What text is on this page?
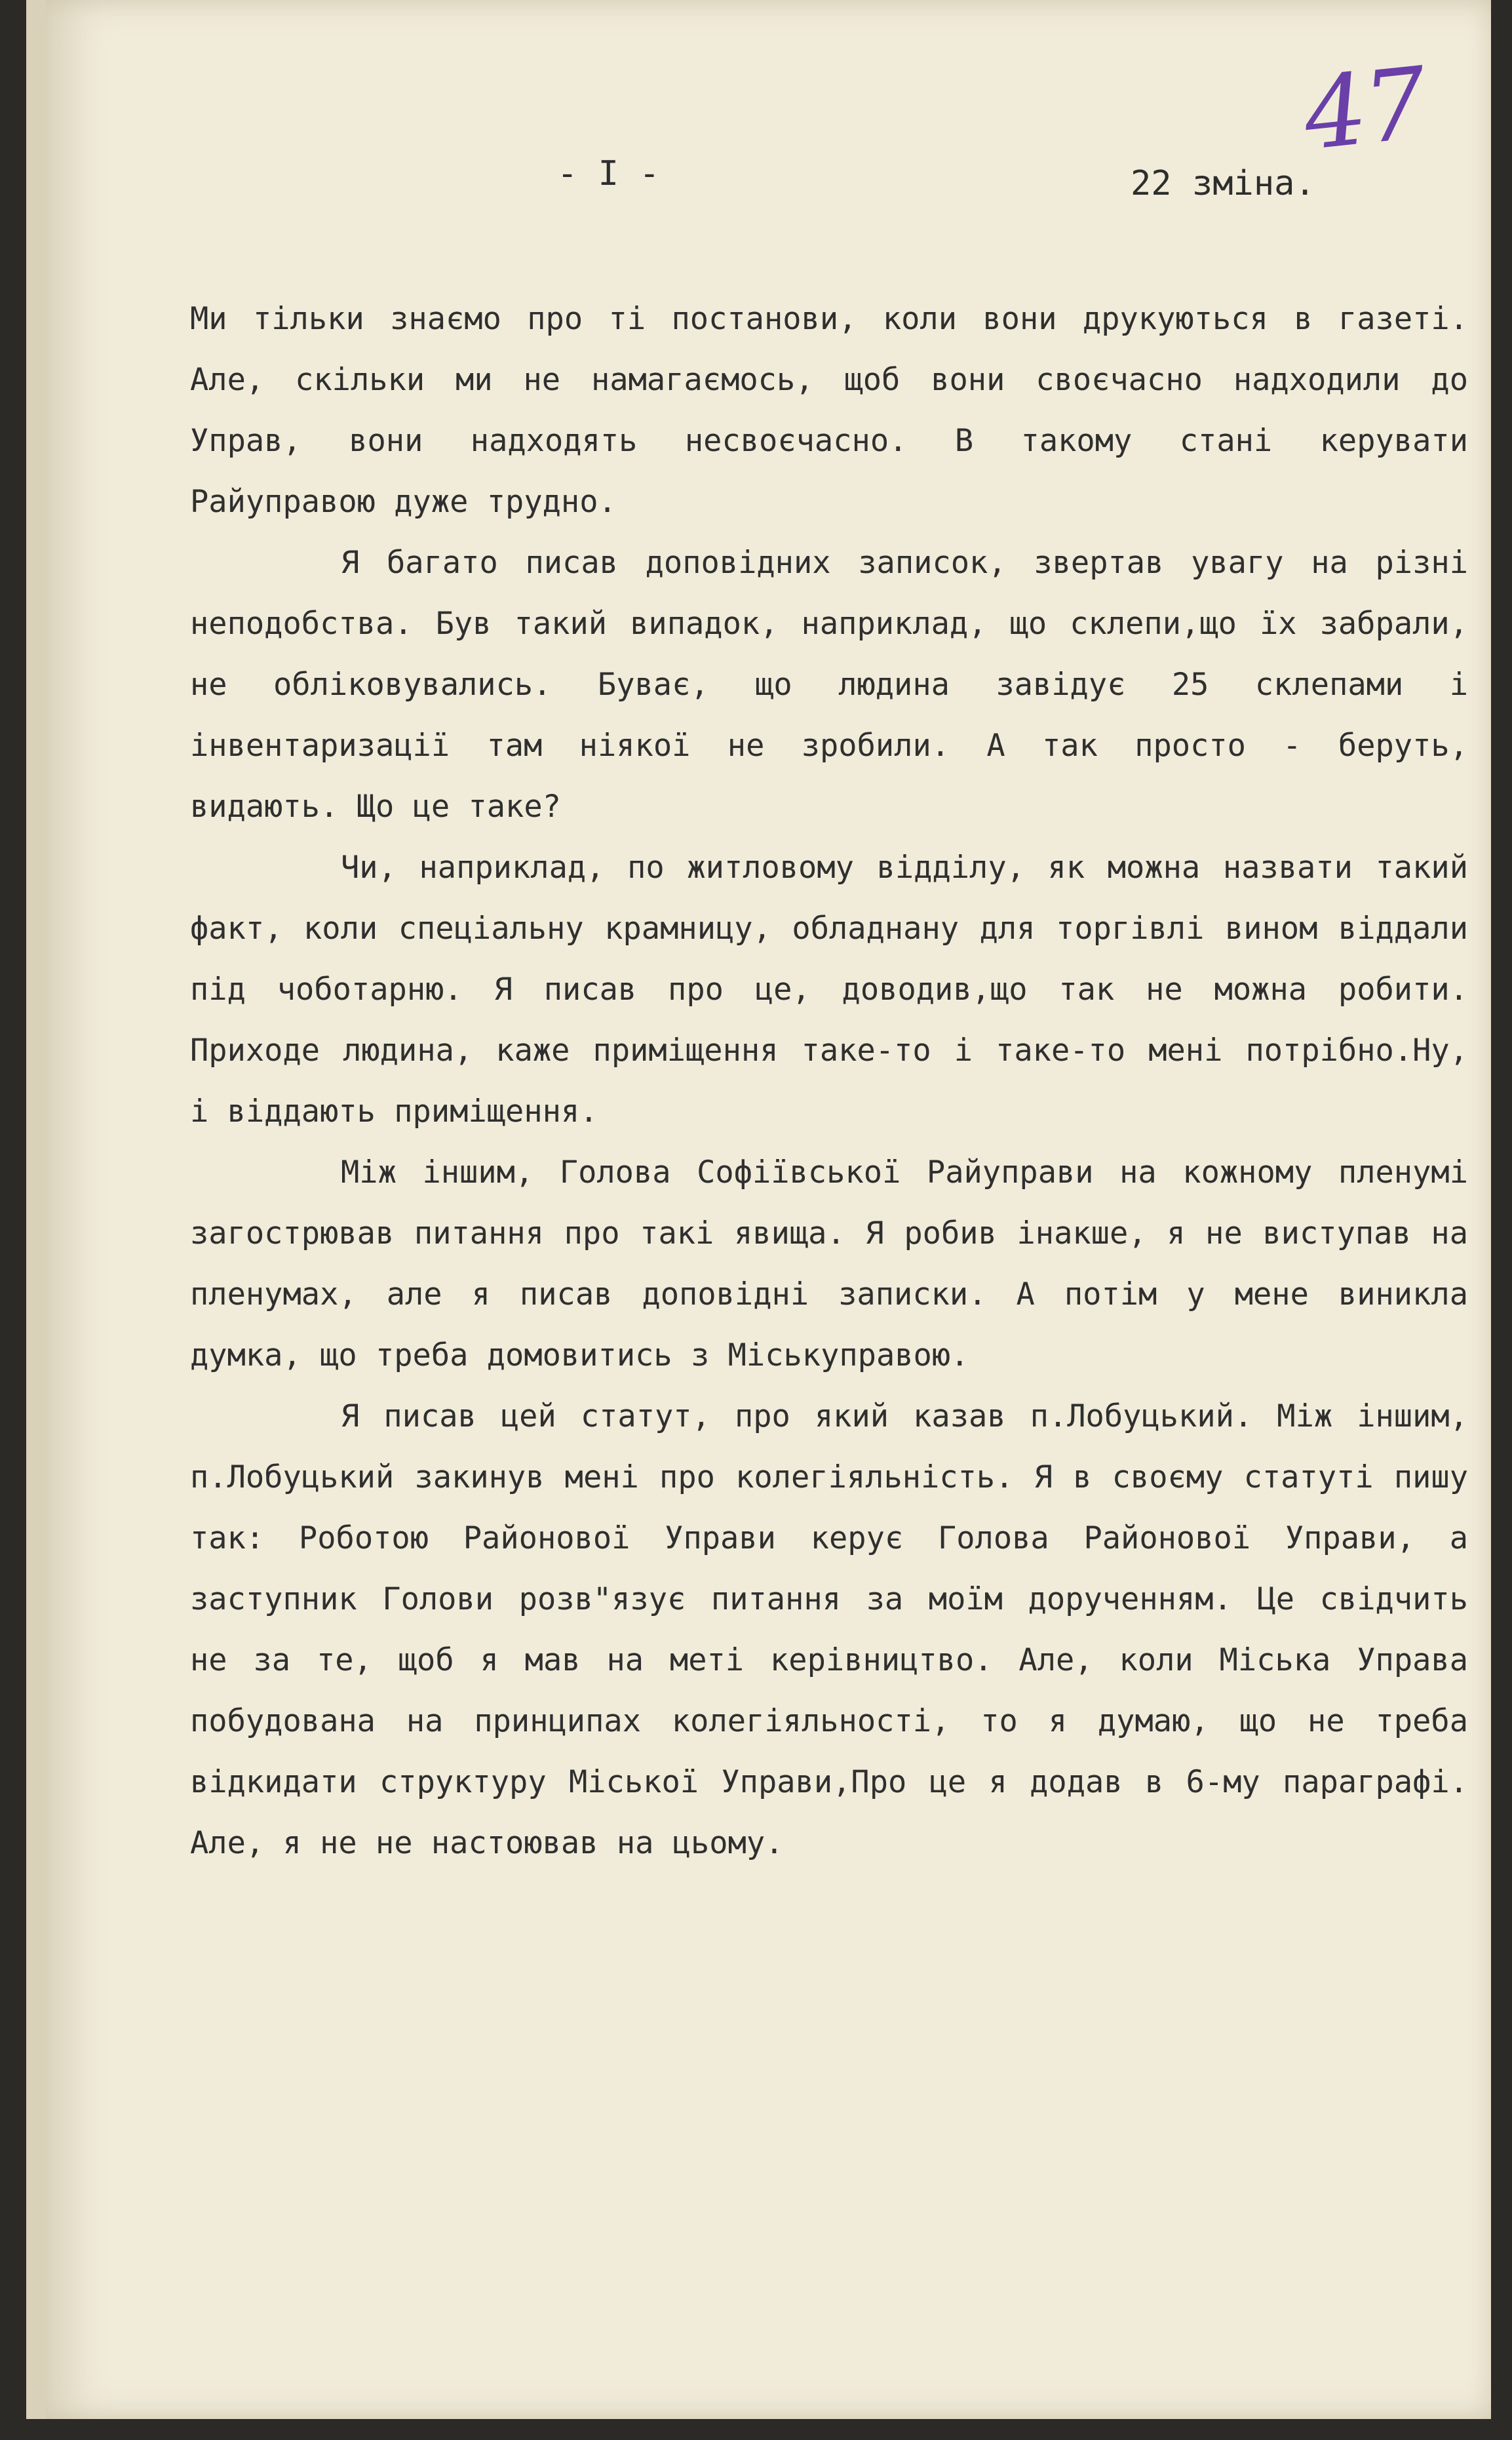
47
- I -	22 зміна.

Ми тільки знаємо про ті постанови, коли вони друкуються в газеті. Але, скільки ми не намагаємось, щоб вони своєчасно надходили до Управ, вони надходять несвоєчасно. В такому стані керувати Райуправою дуже трудно.

Я багато писав доповідних записок, звертав увагу на різні неподобства. Був такий випадок, наприклад, що склепи,що їх забрали, не обліковувались. Буває, що людина завідує 25 склепами і інвентаризації там ніякої не зробили. А так просто - беруть, видають. Що це таке?

Чи, наприклад, по житловому відділу, як можна назвати такий факт, коли спеціальну крамницу, обладнану для торгівлі вином віддали під чоботарню. Я писав про це, доводив,що так не можна робити. Приходе людина, каже приміщення таке-то і таке-то мені потрібно.Ну, і віддають приміщення.

Між іншим, Голова Софіївської Райуправи на кожному пленумі загострював питання про такі явища. Я робив інакше, я не виступав на пленумах, але я писав доповідні записки. А потім у мене виникла думка, що треба домовитись з Міськуправою.

Я писав цей статут, про який казав п.Лобуцький. Між іншим, п.Лобуцький закинув мені про колегіяльність. Я в своєму статуті пишу так: Роботою Районової Управи керує Голова Районової Управи, а заступник Голови розв"язує питання за моїм дорученням. Це свідчить не за те, щоб я мав на меті керівництво. Але, коли Міська Управа побудована на принципах колегіяльності, то я думаю, що не треба відкидати структуру Міської Управи,Про це я додав в 6-му параграфі. Але, я не не настоював на цьому.
